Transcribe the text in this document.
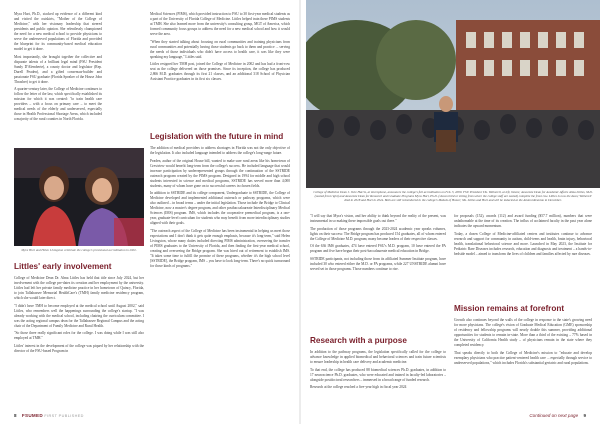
Myra Hurt, Ph.D., stacked up evidence of a different kind and visited the outskirts, "Mother of the College of Medicine," with her visionary leadership that steered presidents and public opinion. She relentlessly championed the need for a new medical school to provide physicians to serve the underserved populations of Florida and provided the blueprint for its community-based medical education model to get it done.

Most importantly, she brought together the collective and disparate talents of a brilliant legal mind (FSU President Sandy D'Alemberte), a county doctor and legislator (Rep. Durell Peaden), and a gifted consensus-builder and passionate FSU graduate (Florida Speaker of the House John Thrasher) to get it done.

A quarter-century later, the College of Medicine continues to follow the letter of the law, which specifically established its mission for which it was created: "to train health care providers – with a focus on primary care – to meet the medical needs of the elderly and underserved, especially those in Health Professional Shortage Areas, which included a majority of the rural counties in North Florida.

Medical Sciences (PIMS), which provided instruction to FSU to 30 first-year medical students as a part of the University of Florida College of Medicine. Littles helped train these PIMS students at TMH. She also learned more from the university's consulting group, MGT of America, which formed community focus groups to address the need for a new medical school and how it would serve the area.

"When they started talking about focusing on rural communities and training physicians from rural communities and potentially having those students go back to them and practice ... serving the needs of those individuals who didn't have access to health care, it was like they were speaking my language," Littles said.

Littles resigned her TMH post, joined the College of Medicine in 2002 and has had a front-row seat as the college delivered on those promises. Since its inception, the college has produced 2,866 M.D. graduates through its first 21 classes, and an additional 318 School of Physician Assistant Practice graduates in its first six classes.

Legislation with the future in mind

The addition of medical providers to address shortages in Florida was not the only objective of the legislation. It also included language intended to address the college's long-range future.

Peaden, author of the original House bill, wanted to make sure rural areas like his hometown of Crestview would benefit long-term from the college's success. He included language that would increase participation by underrepresented groups through the continuation of the SSTRIDE outreach program created by the PIMS program. Designed in 1994 for middle and high school students interested in science and medical programs, SSTRIDE has served more than 4,000 students, many of whom have gone on to successful careers in chosen fields.

In addition to SSTRIDE and its college component, Undergraduate to SSTRIDE, the College of Medicine developed and implemented additional outreach or pathway programs, which were also outlined – in broad terms – under the initial legislation. Those include the Bridge to Clinical Medicine, now a master's degree program, and other postbaccalaureate Interdisciplinary Medical Sciences (IMS) program. IMS, which includes the cooperative premedical program, is a one-year, graduate-level curriculum for students who may benefit from more interdisciplinary studies aligned with their goals.

"The outreach aspect of the College of Medicine has been instrumental in helping us meet those expectations and I don't think it gets quite enough emphasis, because it's long-term," said Helen Livingston, whose many duties included directing PIMS administration, overseeing the transfer of PIMS graduates to the University of Florida, and then finding the first-year medical school, creating and overseeing the Bridge program. She was hired out of retirement to establish IMS. "It takes some time to fulfill the promise of these programs, whether it's the high school level [SSTRIDE], the Bridge program, IMS – you have to look long-term. There's no quick turnaround for those kinds of programs."

Myra Hurt and Helen Livingston celebrate the college's provisional accreditation in 2002.
Littles' early involvement

College of Medicine Dean Dr. Alma Littles has held that title since July 2024, but her involvement with the college pre-dates its creation and her employment by the university. Littles had left her private family medicine practice in her hometown of Quincy, Florida, to join Tallahassee Memorial HealthCare's (TMH) family medicine residency program, which she would later direct.

"I didn't have TMH to become employed at the medical school until August 2002," said Littles, who remembers well the happenings surrounding the college's startup. "I was already working with the medical school, including chairing the curriculum committee. I was the acting regional campus dean for the Tallahassee Regional Campus and the acting chair of the Department of Family Medicine and Rural Health.

"So those three really significant roles for the college. I was doing while I was still also employed at TMH."

Littles' interest in the development of the college was piqued by her relationship with the director of the FSU-based Program in

8 FSUMED FIRST PUBLISHED
College of Medicine Dean J. Ocie Harris, at microphone, announces the college's full accreditation on Feb. 3, 2000. FSU President T.K. Wetherell, at left, listens; Associate Dean for Academic Affairs Alma Littles, M.D. (seated front right) and Associate Dean for Research and Graduate Programs Myra Hurt, Ph.D. (shown third or sitting from where the college staff are seated) complete the front row. Littles is now the dean; Wetherell died in 2018 and Hurt in 2024. Both are still remembered in the college's Medals of Honor; Ms. Littles and Hurt and will be inducted at the Alumni Reunion in December.

"I will say that Myra's vision, and her ability to think beyond the reality of the present, was instrumental in so making these impossible goals out there."

The production of those programs through the 2023-2024 academic year speaks volumes, lights on their success: The Bridge program has produced 154 graduates, all of whom entered the College of Medicine M.D. program; many became leaders of their respective classes.

Of the 636 IMS graduates, 474 have entered FSU's M.D. program, 10 have entered the PA program and five have begun their post-baccalaureate medical education in Bridge.

SSTRIDE participants, not including those from its affiliated Summer Institute program, have included 30 who entered either the M.D. or PA programs, while 227 UNSTRIDE alumni have served set in those programs. Those numbers continue to rise.

Research with a purpose

In addition to the pathway programs, the legislation specifically called for the college to advance knowledge in applied biomedical and behavioral sciences and train future scientists to ensure leadership in health care delivery and academic medicine.

To that end, the college has produced 88 biomedical sciences Ph.D. graduates, in addition to 17 neuroscience Ph.D. graduates, who were educated and trained in faculty-led laboratories – alongside postdoctoral researchers – immersed in a broad range of funded research.

Research at the college reached a five-year high in fiscal year 2024

for proposals (152), awards (112) and award funding ($57.7 million), numbers that were unfathomable at the time of its creation. The influx of acclaimed faculty in the past year alone indicates the upward momentum.

Today, a dozen College of Medicine-affiliated centers and institutes continue to advance research and support for community in autism, child-teens and health, brain injury, behavioral health, translational behavioral science and more. Launched in May 2023, the Institute for Pediatric Rare Diseases includes research, education and diagnosis and treatment – a hands-to-bedside model – aimed to transform the lives of children and families affected by rare diseases.

Mission remains at forefront

Growth also continues beyond the walls of the college in response to the state's growing need for more physicians. The college's vision of Graduate Medical Education (GME) sponsorship of residency and fellowship programs will nearly double this summer, providing additional opportunities for students to remain in-state. More than a third of the existing – 77% based in the University of California Health study – of physicians remain in the state where they completed residency.

That speaks directly to both the College of Medicine's mission to "educate and develop exemplary physicians who practice patient-centered health care ... especially through service to underserved populations," which includes Florida's substantial geriatric and rural populations.

Continued on next page 9
